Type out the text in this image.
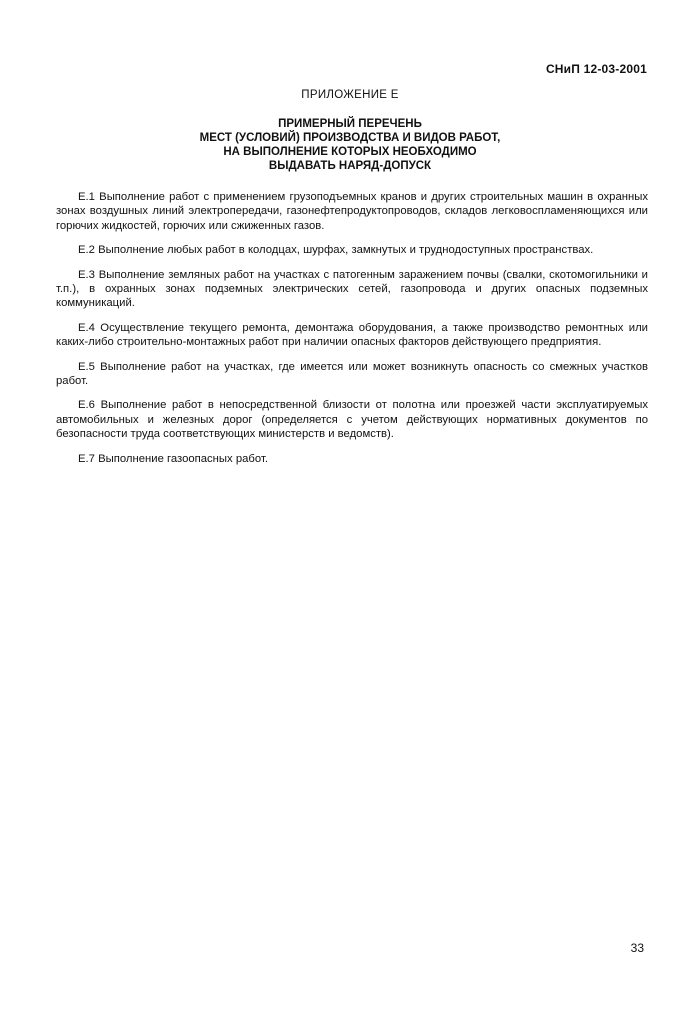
СНиП 12-03-2001
ПРИЛОЖЕНИЕ Е
ПРИМЕРНЫЙ ПЕРЕЧЕНЬ
МЕСТ (УСЛОВИЙ) ПРОИЗВОДСТВА И ВИДОВ РАБОТ,
НА ВЫПОЛНЕНИЕ КОТОРЫХ НЕОБХОДИМО
ВЫДАВАТЬ НАРЯД-ДОПУСК

Е.1 Выполнение работ с применением грузоподъемных кранов и других строительных машин в охранных зонах воздушных линий электропередачи, газонефтепродуктопроводов, складов легковоспламеняющихся или горючих жидкостей, горючих или сжиженных газов.

Е.2 Выполнение любых работ в колодцах, шурфах, замкнутых и труднодоступных пространствах.

Е.3 Выполнение земляных работ на участках с патогенным заражением почвы (свалки, скотомогильники и т.п.), в охранных зонах подземных электрических сетей, газопровода и других опасных подземных коммуникаций.

Е.4 Осуществление текущего ремонта, демонтажа оборудования, а также производство ремонтных или каких-либо строительно-монтажных работ при наличии опасных факторов действующего предприятия.

Е.5 Выполнение работ на участках, где имеется или может возникнуть опасность со смежных участков работ.

Е.6 Выполнение работ в непосредственной близости от полотна или проезжей части эксплуатируемых автомобильных и железных дорог (определяется с учетом действующих нормативных документов по безопасности труда соответствующих министерств и ведомств).

Е.7 Выполнение газоопасных работ.

33
